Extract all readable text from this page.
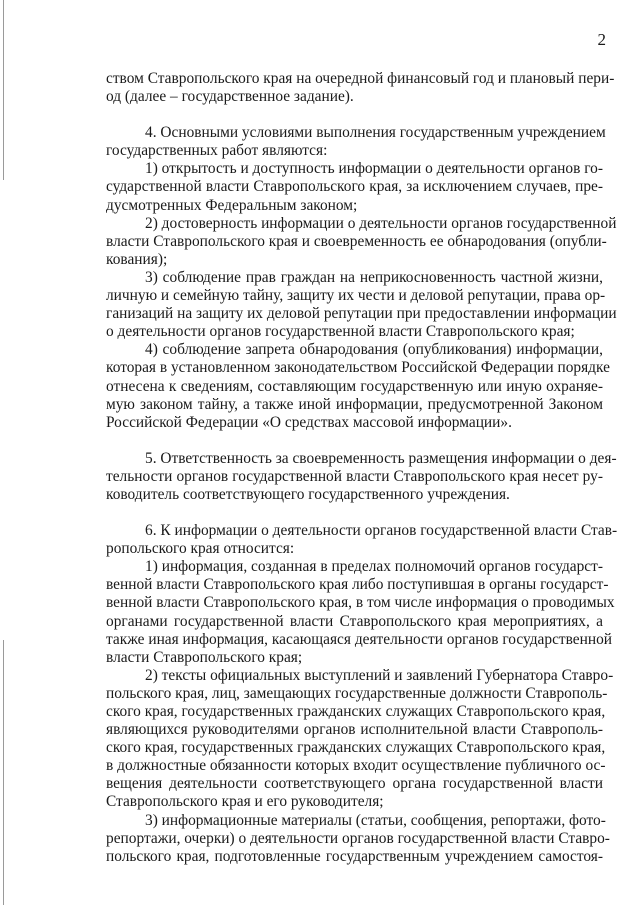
2
ством Ставропольского края на очередной финансовый год и плановый пери-
од (далее – государственное задание).
4. Основными условиями выполнения государственным учреждением
государственных работ являются:
1) открытость и доступность информации о деятельности органов го-
сударственной власти Ставропольского края, за исключением случаев, пре-
дусмотренных Федеральным законом;
2) достоверность информации о деятельности органов государственной
власти Ставропольского края и своевременность ее обнародования (опубли-
кования);
3) соблюдение прав граждан на неприкосновенность частной жизни,
личную и семейную тайну, защиту их чести и деловой репутации, права ор-
ганизаций на защиту их деловой репутации при предоставлении информации
о деятельности органов государственной власти Ставропольского края;
4) соблюдение запрета обнародования (опубликования) информации,
которая в установленном законодательством Российской Федерации порядке
отнесена к сведениям, составляющим государственную или иную охраняе-
мую законом тайну, а также иной информации, предусмотренной Законом
Российской Федерации «О средствах массовой информации».
5. Ответственность за своевременность размещения информации о дея-
тельности органов государственной власти Ставропольского края несет ру-
ководитель соответствующего государственного учреждения.
6. К информации о деятельности органов государственной власти Став-
ропольского края относится:
1) информация, созданная в пределах полномочий органов государст-
венной власти Ставропольского края либо поступившая в органы государст-
венной власти Ставропольского края, в том числе информация о проводимых
органами государственной власти Ставропольского края мероприятиях, а
также иная информация, касающаяся деятельности органов государственной
власти Ставропольского края;
2) тексты официальных выступлений и заявлений Губернатора Ставро-
польского края, лиц, замещающих государственные должности Ставрополь-
ского края, государственных гражданских служащих Ставропольского края,
являющихся руководителями органов исполнительной власти Ставрополь-
ского края, государственных гражданских служащих Ставропольского края,
в должностные обязанности которых входит осуществление публичного ос-
вещения деятельности соответствующего органа государственной власти
Ставропольского края и его руководителя;
3) информационные материалы (статьи, сообщения, репортажи, фото-
репортажи, очерки) о деятельности органов государственной власти Ставро-
польского края, подготовленные государственным учреждением самостоя-
